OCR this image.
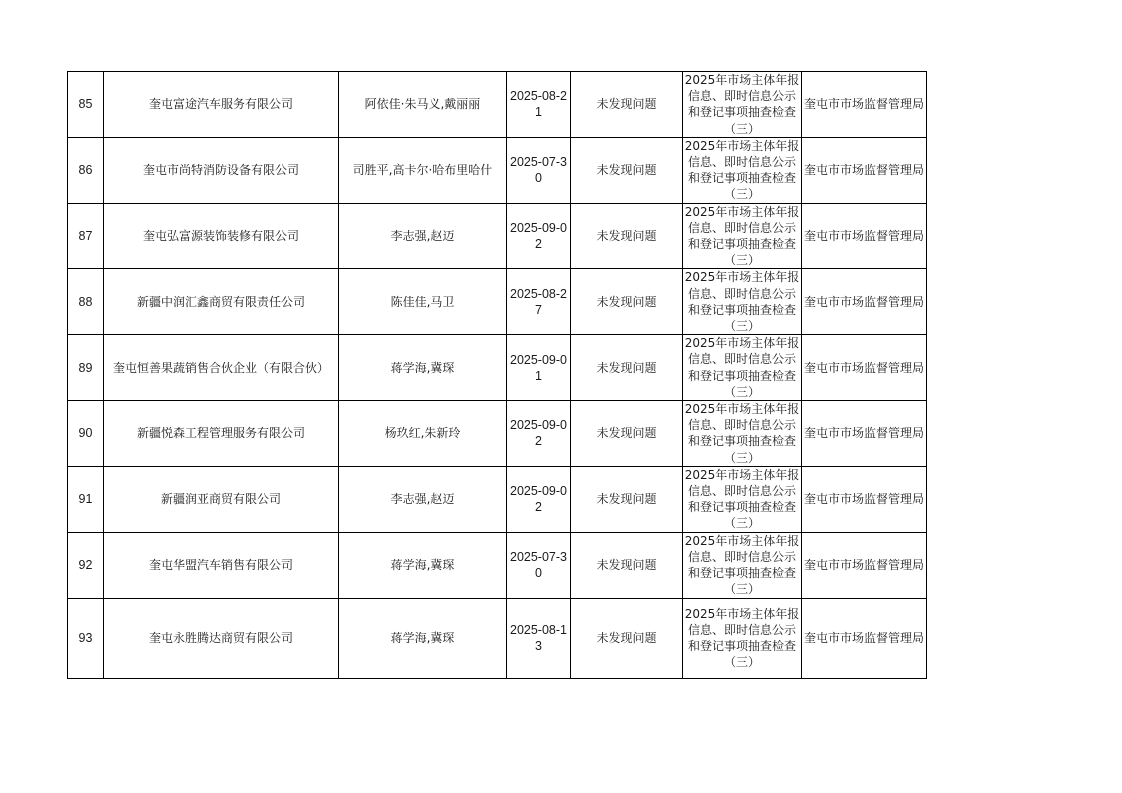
85	奎屯富途汽车服务有限公司	阿依佳·朱马义,戴丽丽	2025-08-21	未发现问题	2025年市场主体年报信息、即时信息公示和登记事项抽查检查（三）	奎屯市市场监督管理局
86	奎屯市尚特消防设备有限公司	司胜平,高卡尔·哈布里哈什	2025-07-30	未发现问题	2025年市场主体年报信息、即时信息公示和登记事项抽查检查（三）	奎屯市市场监督管理局
87	奎屯弘富源装饰装修有限公司	李志强,赵迈	2025-09-02	未发现问题	2025年市场主体年报信息、即时信息公示和登记事项抽查检查（三）	奎屯市市场监督管理局
88	新疆中润汇鑫商贸有限责任公司	陈佳佳,马卫	2025-08-27	未发现问题	2025年市场主体年报信息、即时信息公示和登记事项抽查检查（三）	奎屯市市场监督管理局
89	奎屯恒善果蔬销售合伙企业（有限合伙）	蒋学海,冀琛	2025-09-01	未发现问题	2025年市场主体年报信息、即时信息公示和登记事项抽查检查（三）	奎屯市市场监督管理局
90	新疆悦森工程管理服务有限公司	杨玖红,朱新玲	2025-09-02	未发现问题	2025年市场主体年报信息、即时信息公示和登记事项抽查检查（三）	奎屯市市场监督管理局
91	新疆润亚商贸有限公司	李志强,赵迈	2025-09-02	未发现问题	2025年市场主体年报信息、即时信息公示和登记事项抽查检查（三）	奎屯市市场监督管理局
92	奎屯华盟汽车销售有限公司	蒋学海,冀琛	2025-07-30	未发现问题	2025年市场主体年报信息、即时信息公示和登记事项抽查检查（三）	奎屯市市场监督管理局
93	奎屯永胜腾达商贸有限公司	蒋学海,冀琛	2025-08-13	未发现问题	2025年市场主体年报信息、即时信息公示和登记事项抽查检查（三）	奎屯市市场监督管理局
